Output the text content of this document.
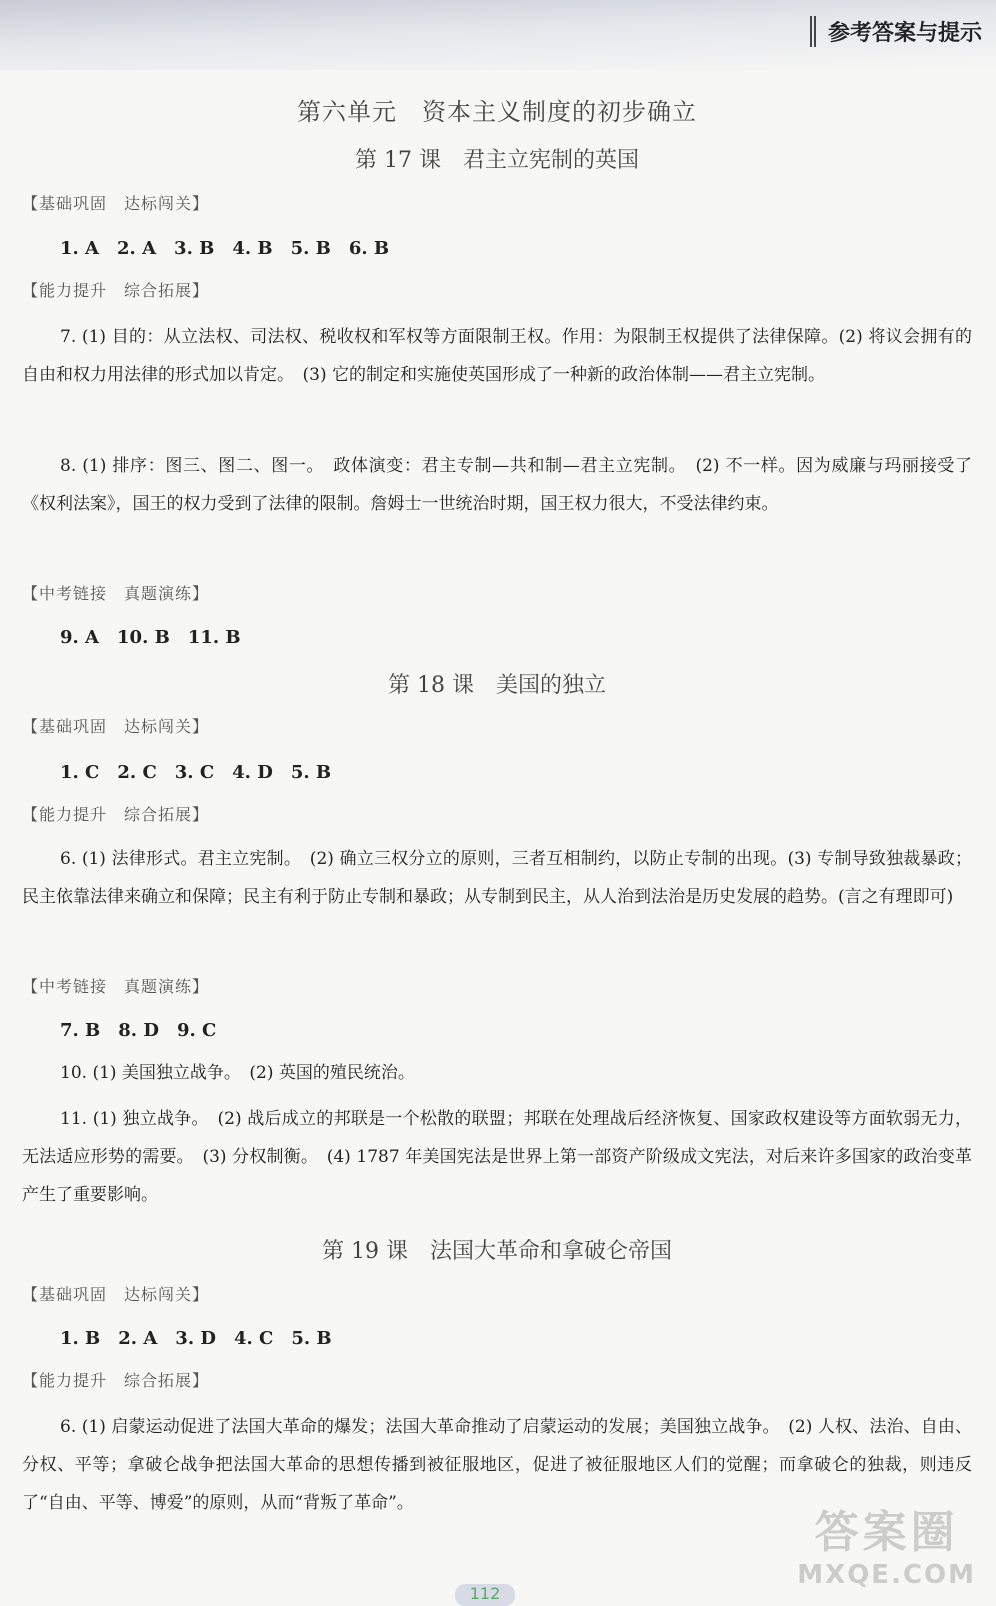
参考答案与提示
第六单元　资本主义制度的初步确立
第 17 课　君主立宪制的英国
【基础巩固　达标闯关】
1. A　2. A　3. B　4. B　5. B　6. B
【能力提升　综合拓展】
7. (1) 目的：从立法权、司法权、税收权和军权等方面限制王权。作用：为限制王权提供了法律保障。(2) 将议会拥有的自由和权力用法律的形式加以肯定。　(3) 它的制定和实施使英国形成了一种新的政治体制——君主立宪制。
8. (1) 排序：图三、图二、图一。　政体演变：君主专制—共和制—君主立宪制。　(2) 不一样。因为威廉与玛丽接受了《权利法案》，国王的权力受到了法律的限制。詹姆士一世统治时期，国王权力很大，不受法律约束。
【中考链接　真题演练】
9. A　10. B　11. B
第 18 课　美国的独立
【基础巩固　达标闯关】
1. C　2. C　3. C　4. D　5. B
【能力提升　综合拓展】
6. (1) 法律形式。君主立宪制。　(2) 确立三权分立的原则，三者互相制约，以防止专制的出现。(3) 专制导致独裁暴政；民主依靠法律来确立和保障；民主有利于防止专制和暴政；从专制到民主，从人治到法治是历史发展的趋势。(言之有理即可)
【中考链接　真题演练】
7. B　8. D　9. C
10. (1) 美国独立战争。　(2) 英国的殖民统治。
11. (1) 独立战争。　(2) 战后成立的邦联是一个松散的联盟；邦联在处理战后经济恢复、国家政权建设等方面软弱无力，无法适应形势的需要。　(3) 分权制衡。　(4) 1787 年美国宪法是世界上第一部资产阶级成文宪法，对后来许多国家的政治变革产生了重要影响。
第 19 课　法国大革命和拿破仑帝国
【基础巩固　达标闯关】
1. B　2. A　3. D　4. C　5. B
【能力提升　综合拓展】
6. (1) 启蒙运动促进了法国大革命的爆发；法国大革命推动了启蒙运动的发展；美国独立战争。　(2) 人权、法治、自由、分权、平等；拿破仑战争把法国大革命的思想传播到被征服地区，促进了被征服地区人们的觉醒；而拿破仑的独裁，则违反了“自由、平等、博爱”的原则，从而“背叛了革命”。
答案圈
MXQE.COM
112
